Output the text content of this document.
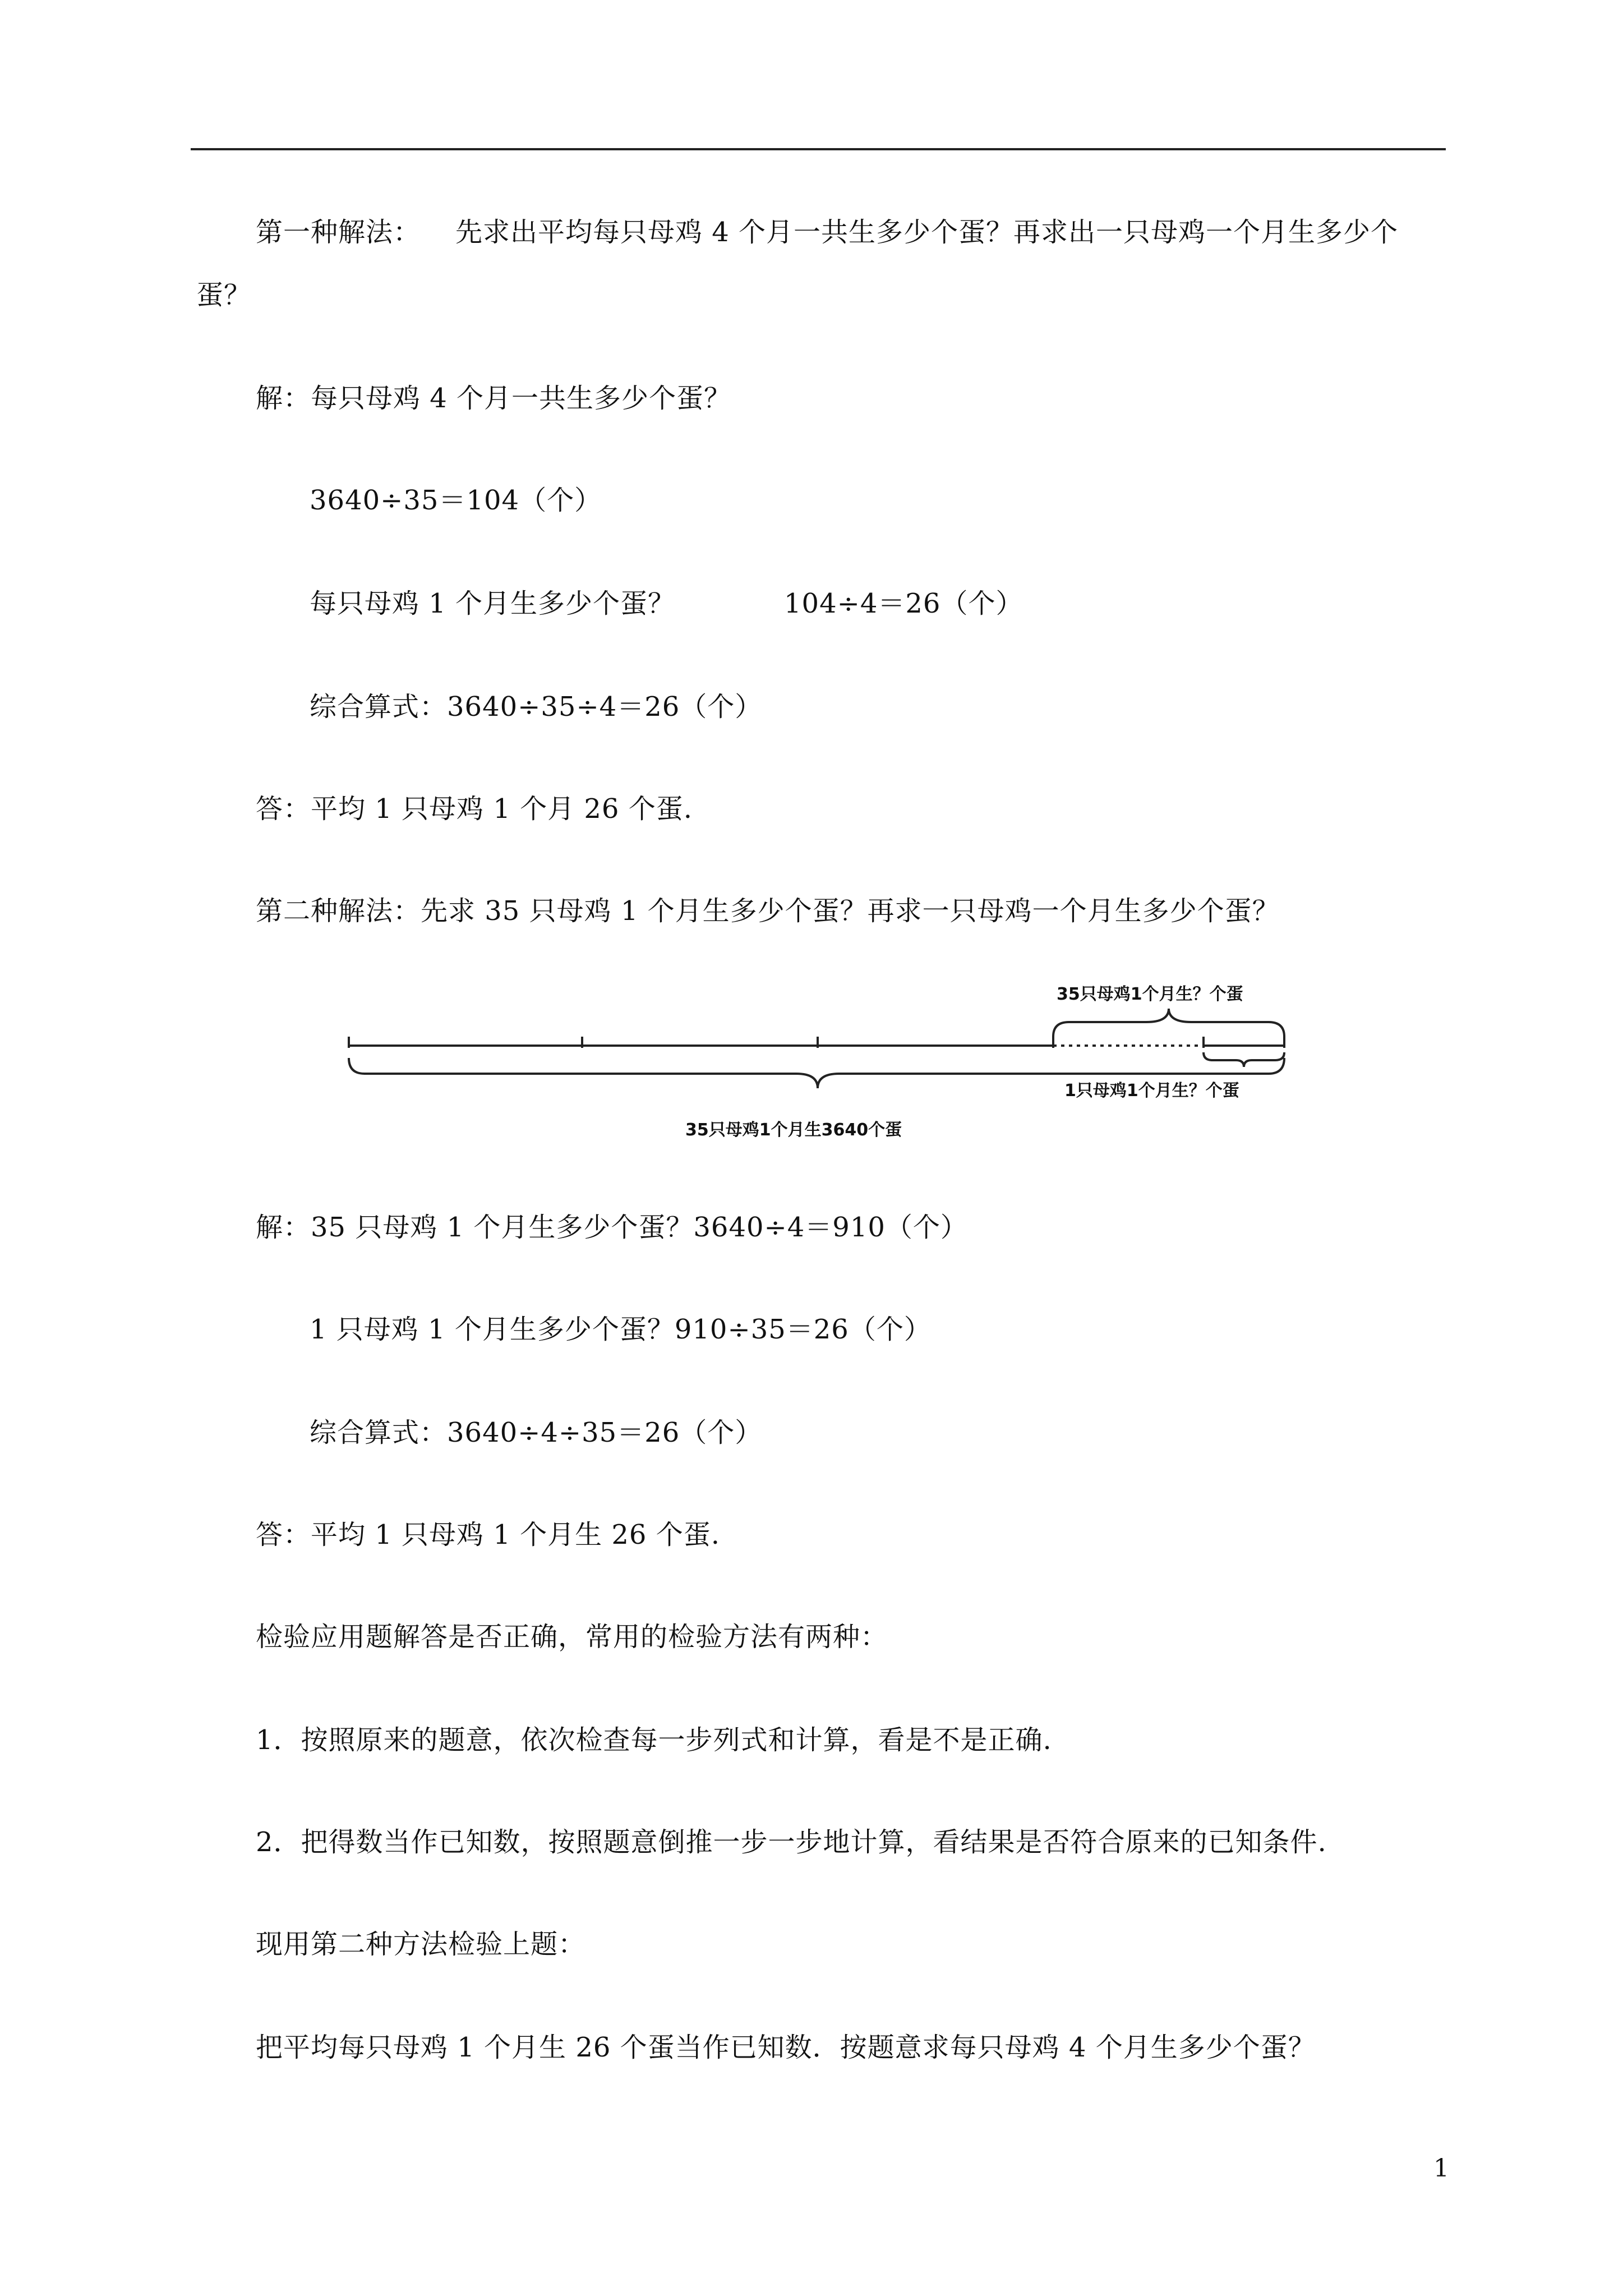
第一种解法： 先求出平均每只母鸡 4 个月一共生多少个蛋？再求出一只母鸡一个月生多少个
蛋？
解：每只母鸡 4 个月一共生多少个蛋？
3640÷35＝104（个）
每只母鸡 1 个月生多少个蛋？	104÷4＝26（个）
综合算式：3640÷35÷4＝26（个）
答：平均 1 只母鸡 1 个月 26 个蛋.
第二种解法：先求 35 只母鸡 1 个月生多少个蛋？再求一只母鸡一个月生多少个蛋？
35只母鸡1个月生？个蛋
1只母鸡1个月生？个蛋
35只母鸡1个月生3640个蛋
解：35 只母鸡 1 个月生多少个蛋？3640÷4＝910（个）
1 只母鸡 1 个月生多少个蛋？910÷35＝26（个）
综合算式：3640÷4÷35＝26（个）
答：平均 1 只母鸡 1 个月生 26 个蛋.
检验应用题解答是否正确，常用的检验方法有两种：
1．按照原来的题意，依次检查每一步列式和计算，看是不是正确.
2．把得数当作已知数，按照题意倒推一步一步地计算，看结果是否符合原来的已知条件.
现用第二种方法检验上题：
把平均每只母鸡 1 个月生 26 个蛋当作已知数．按题意求每只母鸡 4 个月生多少个蛋？
1
